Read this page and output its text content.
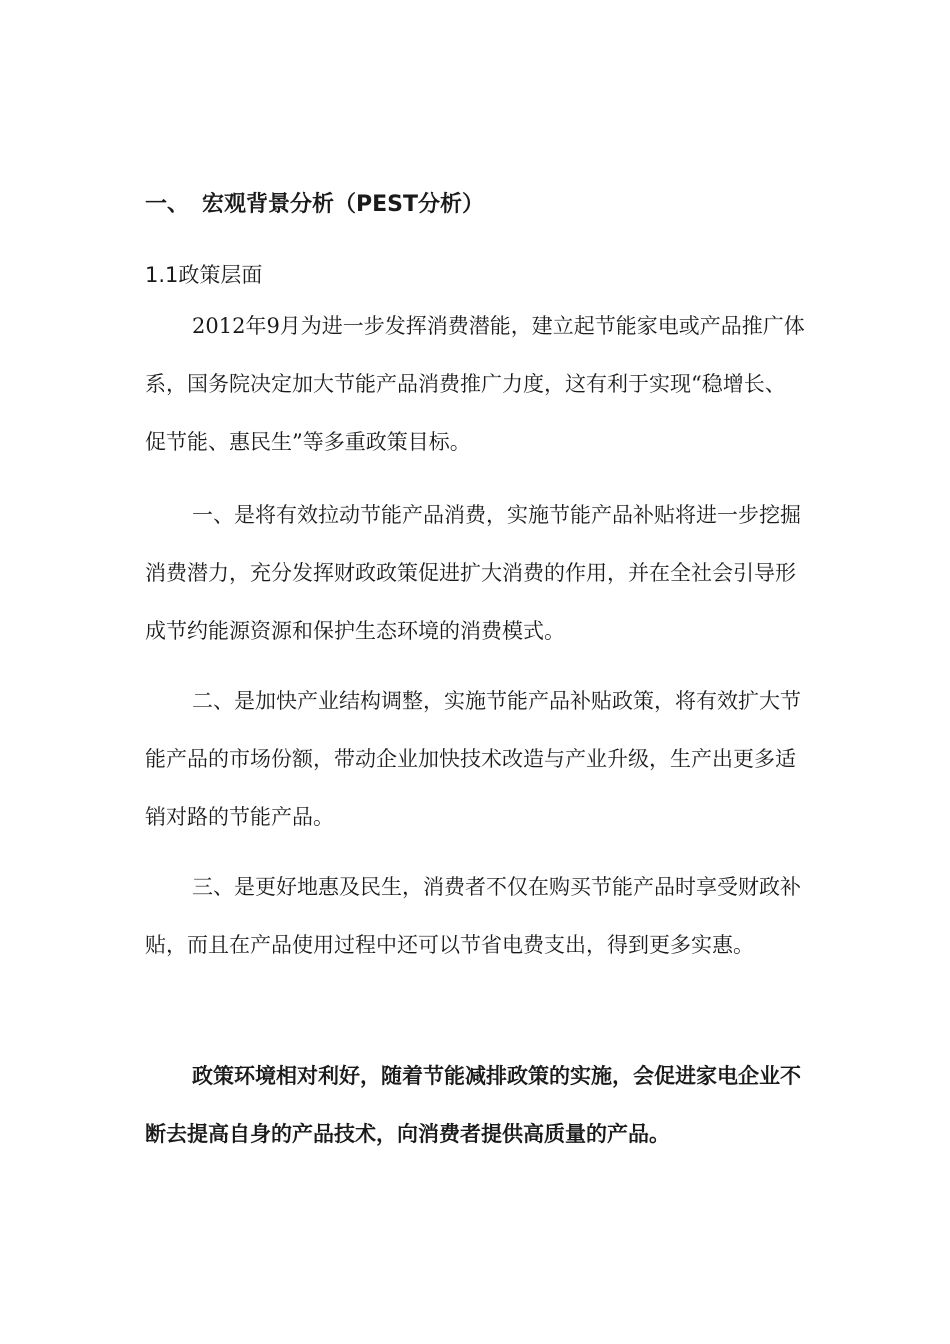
一、 宏观背景分析（PEST分析）
1.1政策层面

2012年9月为进一步发挥消费潜能，建立起节能家电或产品推广体系，国务院决定加大节能产品消费推广力度，这有利于实现“稳增长、促节能、惠民生”等多重政策目标。

一、是将有效拉动节能产品消费，实施节能产品补贴将进一步挖掘消费潜力，充分发挥财政政策促进扩大消费的作用，并在全社会引导形成节约能源资源和保护生态环境的消费模式。

二、是加快产业结构调整，实施节能产品补贴政策，将有效扩大节能产品的市场份额，带动企业加快技术改造与产业升级，生产出更多适销对路的节能产品。

三、是更好地惠及民生，消费者不仅在购买节能产品时享受财政补贴，而且在产品使用过程中还可以节省电费支出，得到更多实惠。

政策环境相对利好，随着节能减排政策的实施，会促进家电企业不断去提高自身的产品技术，向消费者提供高质量的产品。
